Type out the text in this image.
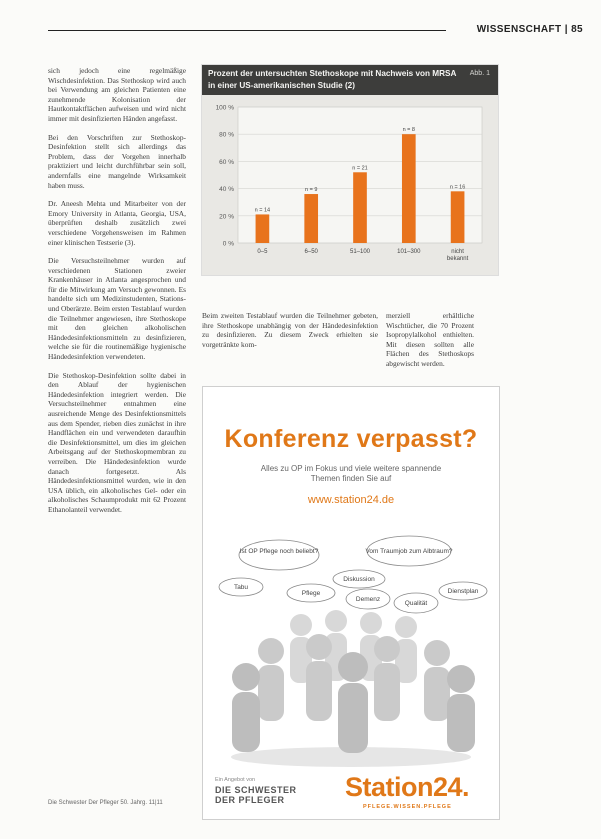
WISSENSCHAFT | 85

sich jedoch eine regelmäßige Wischdesinfektion. Das Stethoskop wird auch bei Verwendung am gleichen Patienten eine zunehmende Kolonisation der Hautkontaktflächen aufweisen und wird nicht immer mit desinfizierten Händen angefasst.

Bei den Vorschriften zur Stethoskop-Desinfektion stellt sich allerdings das Problem, dass der Vorgehen innerhalb praktiziert und leicht durchführbar sein soll, andernfalls eine mangelnde Wirksamkeit haben muss.

Dr. Aneesh Mehta und Mitarbeiter von der Emory University in Atlanta, Georgia, USA, überprüften deshalb zusätzlich zwei verschiedene Vorgehensweisen im Rahmen einer klinischen Testserie (3).

Die Versuchsteilnehmer wurden auf verschiedenen Stationen zweier Krankenhäuser in Atlanta angesprochen und für die Mitwirkung am Versuch gewonnen. Es handelte sich um Medizinstudenten, Stations- und Oberärzte. Beim ersten Testablauf wurden die Teilnehmer angewiesen, ihre Stethoskope mit den gleichen alkoholischen Händedesinfektionsmitteln zu desinfizieren, welche sie für die routinemäßige hygienische Händedesinfektion verwendeten.

Die Stethoskop-Desinfektion sollte dabei in den Ablauf der hygienischen Händedesinfektion integriert werden. Die Versuchsteilnehmer entnahmen eine ausreichende Menge des Desinfektionsmittels aus dem Spender, rieben dies zunächst in ihre Handflächen ein und verwendeten daraufhin die Desinfektionsmittel, um dies im gleichen Arbeitsgang auf der Stethoskopmembran zu verreiben. Die Händedesinfektion wurde danach fortgesetzt. Als Händedesinfektionsmittel wurden, wie in den USA üblich, ein alkoholisches Gel- oder ein alkoholisches Schaumprodukt mit 62 Prozent Ethanolanteil verwendet.

Prozent der untersuchten Stethoskope mit Nachweis von MRSA in einer US-amerikanischen Studie (2)
Abb. 1
0 %
20 %
40 %
60 %
80 %
100 %
n = 14
0–5
n = 9
6–50
n = 21
51–100
n = 8
101–300
n = 16
nicht
bekannt

Beim zweiten Testablauf wurden die Teilnehmer gebeten, ihre Stethoskope unabhängig von der Händedesinfektion zu desinfizieren. Zu diesem Zweck erhielten sie vorgetränkte kom-

merziell erhältliche Wischtücher, die 70 Prozent Isopropylalkohol enthielten. Mit diesen sollten alle Flächen des Stethoskops abgewischt werden.

Konferenz verpasst?
Alles zu OP im Fokus und viele weitere spannende Themen finden Sie auf
www.station24.de
Ist OP Pflege noch beliebt?	Vom Traumjob zum Albtraum?
Tabu
Pflege
Demenz
Qualität
Diskussion
Dienstplan
Ein Angebot von
DIE SCHWESTER
DER PFLEGER	Station24.
PFLEGE.WISSEN.PFLEGE
Die Schwester Der Pfleger 50. Jahrg. 11|11
